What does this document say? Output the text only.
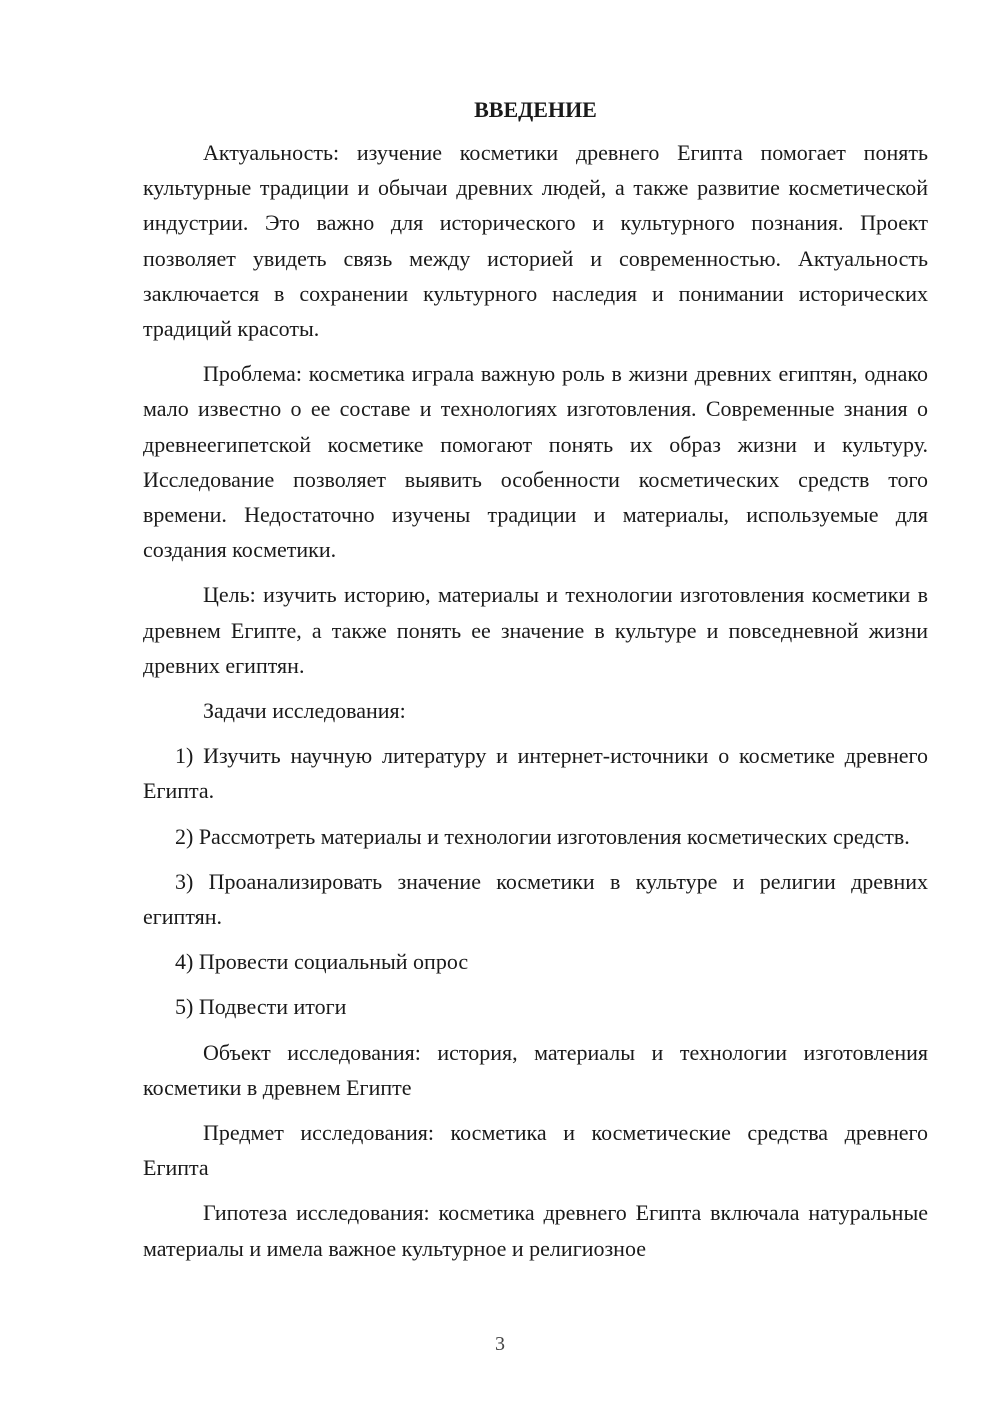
ВВЕДЕНИЕ

Актуальность: изучение косметики древнего Египта помогает понять культурные традиции и обычаи древних людей, а также развитие косметической индустрии. Это важно для исторического и культурного познания. Проект позволяет увидеть связь между историей и современностью. Актуальность заключается в сохранении культурного наследия и понимании исторических традиций красоты.

Проблема: косметика играла важную роль в жизни древних египтян, однако мало известно о ее составе и технологиях изготовления. Современные знания о древнеегипетской косметике помогают понять их образ жизни и культуру. Исследование позволяет выявить особенности косметических средств того времени. Недостаточно изучены традиции и материалы, используемые для создания косметики.

Цель: изучить историю, материалы и технологии изготовления косметики в древнем Египте, а также понять ее значение в культуре и повседневной жизни древних египтян.

Задачи исследования:

1) Изучить научную литературу и интернет-источники о косметике древнего Египта.

2) Рассмотреть материалы и технологии изготовления косметических средств.

3) Проанализировать значение косметики в культуре и религии древних египтян.

4) Провести социальный опрос

5) Подвести итоги

Объект исследования: история, материалы и технологии изготовления косметики в древнем Египте

Предмет исследования: косметика и косметические средства древнего Египта

Гипотеза исследования: косметика древнего Египта включала натуральные материалы и имела важное культурное и религиозное

3
